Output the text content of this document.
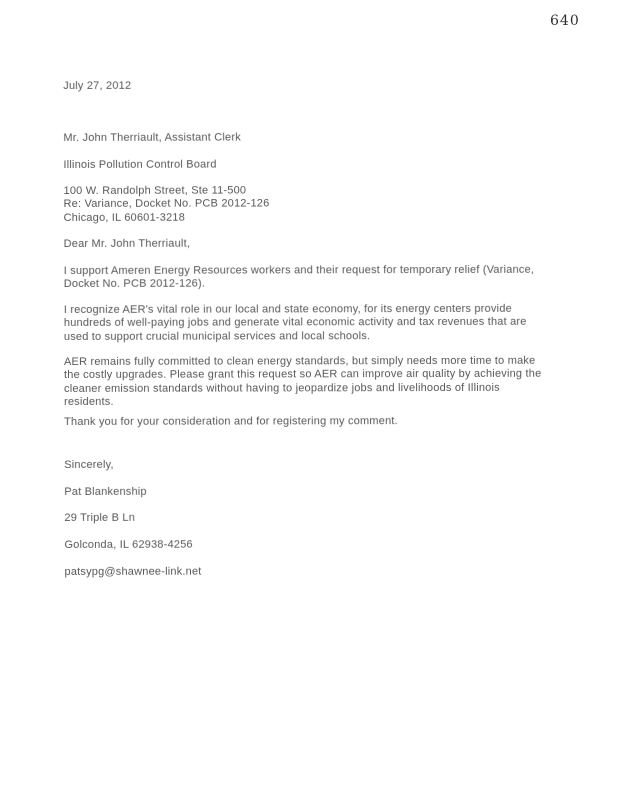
640
July 27, 2012

Mr. John Therriault, Assistant Clerk

Illinois Pollution Control Board

100 W. Randolph Street, Ste 11-500

Chicago, IL 60601-3218

Re: Variance, Docket No. PCB 2012-126
Dear Mr. John Therriault,
I support Ameren Energy Resources workers and their request for temporary relief (Variance,
Docket No. PCB 2012-126).
I recognize AER's vital role in our local and state economy, for its energy centers provide
hundreds of well-paying jobs and generate vital economic activity and tax revenues that are
used to support crucial municipal services and local schools.
AER remains fully committed to clean energy standards, but simply needs more time to make
the costly upgrades. Please grant this request so AER can improve air quality by achieving the
cleaner emission standards without having to jeopardize jobs and livelihoods of Illinois residents.
Thank you for your consideration and for registering my comment.

Sincerely,

Pat Blankenship

29 Triple B Ln

Golconda, IL 62938-4256

patsypg@shawnee-link.net
